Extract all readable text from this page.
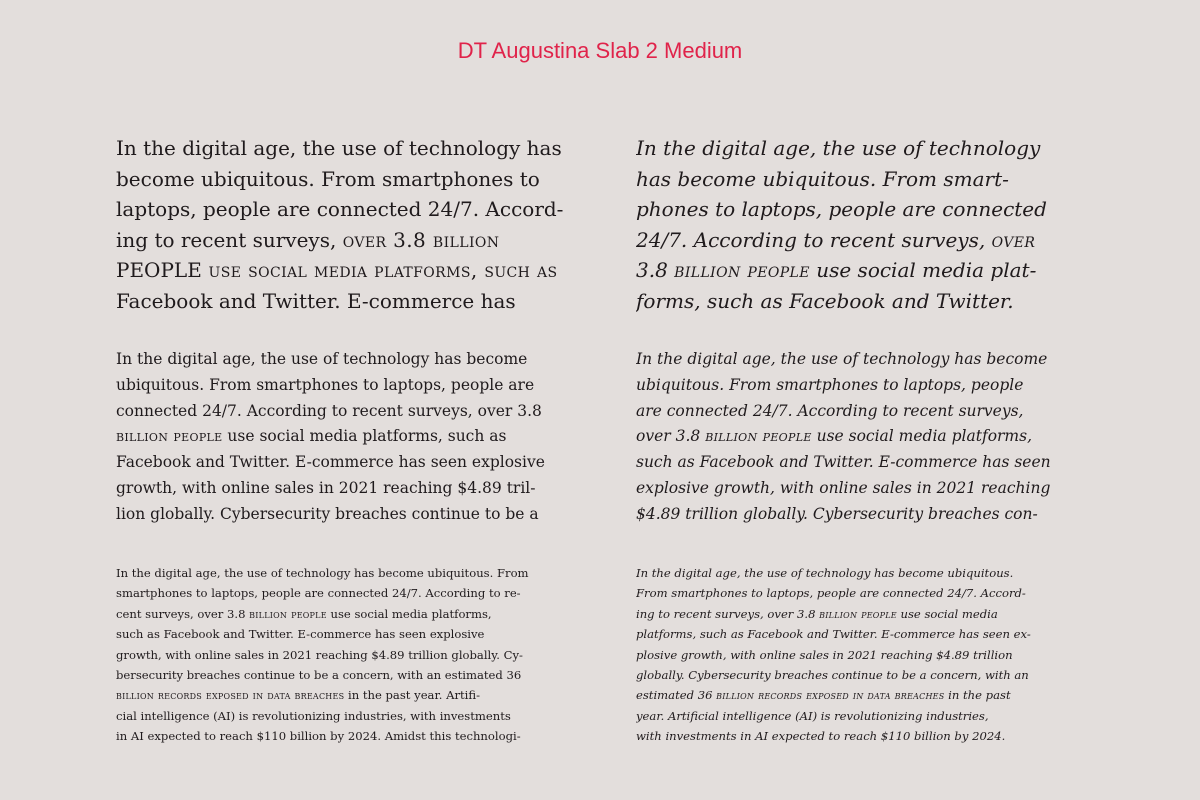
DT Augustina Slab 2 Medium
In the digital age, the use of technology has
become ubiquitous. From smartphones to
laptops, people are connected 24/7. Accord-
ing to recent surveys, over 3.8 billion
PEOPLE use social media platforms, such as
Facebook and Twitter. E-commerce has
In the digital age, the use of technology
has become ubiquitous. From smart-
phones to laptops, people are connected
24/7. According to recent surveys, over
3.8 billion people use social media plat-
forms, such as Facebook and Twitter.
In the digital age, the use of technology has become
ubiquitous. From smartphones to laptops, people are
connected 24/7. According to recent surveys, over 3.8
billion people use social media platforms, such as
Facebook and Twitter. E-commerce has seen explosive
growth, with online sales in 2021 reaching $4.89 tril-
lion globally. Cybersecurity breaches continue to be a
In the digital age, the use of technology has become
ubiquitous. From smartphones to laptops, people
are connected 24/7. According to recent surveys,
over 3.8 billion people use social media platforms,
such as Facebook and Twitter. E-commerce has seen
explosive growth, with online sales in 2021 reaching
$4.89 trillion globally. Cybersecurity breaches con-
In the digital age, the use of technology has become ubiquitous. From
smartphones to laptops, people are connected 24/7. According to re-
cent surveys, over 3.8 billion people use social media platforms,
such as Facebook and Twitter. E-commerce has seen explosive
growth, with online sales in 2021 reaching $4.89 trillion globally. Cy-
bersecurity breaches continue to be a concern, with an estimated 36
billion records exposed in data breaches in the past year. Artifi-
cial intelligence (AI) is revolutionizing industries, with investments
in AI expected to reach $110 billion by 2024. Amidst this technologi-
In the digital age, the use of technology has become ubiquitous.
From smartphones to laptops, people are connected 24/7. Accord-
ing to recent surveys, over 3.8 billion people use social media
platforms, such as Facebook and Twitter. E-commerce has seen ex-
plosive growth, with online sales in 2021 reaching $4.89 trillion
globally. Cybersecurity breaches continue to be a concern, with an
estimated 36 billion records exposed in data breaches in the past
year. Artificial intelligence (AI) is revolutionizing industries,
with investments in AI expected to reach $110 billion by 2024.
